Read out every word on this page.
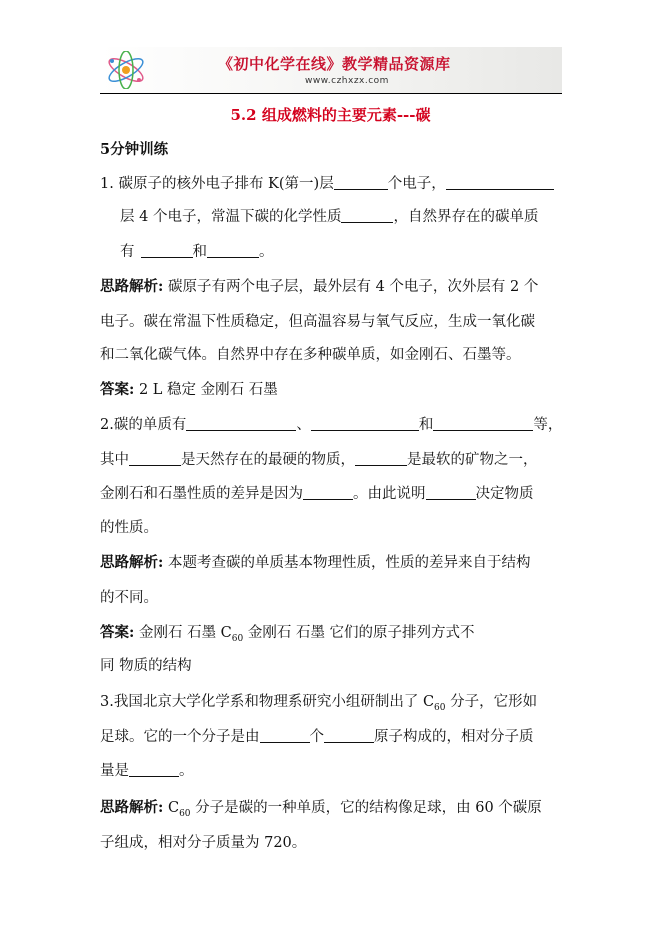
《初中化学在线》教学精品资源库
www.czhxzx.com
5.2 组成燃料的主要元素---碳
5分钟训练
1. 碳原子的核外电子排布 K(第一)层	个电子，
层 4 个电子，常温下碳的化学性质	，自然界存在的碳单质
有	和	。
思路解析: 碳原子有两个电子层，最外层有 4 个电子，次外层有 2 个
电子。碳在常温下性质稳定，但高温容易与氧气反应，生成一氧化碳
和二氧化碳气体。自然界中存在多种碳单质，如金刚石、石墨等。
答案: 2 L 稳定 金刚石 石墨
2.碳的单质有	、	和	等，
其中	是天然存在的最硬的物质，	是最软的矿物之一，
金刚石和石墨性质的差异是因为	。由此说明	决定物质
的性质。
思路解析: 本题考查碳的单质基本物理性质，性质的差异来自于结构
的不同。
答案: 金刚石 石墨 $C_{60}$ 金刚石 石墨 它们的原子排列方式不
同 物质的结构
3.我国北京大学化学系和物理系研究小组研制出了 $C_{60}$ 分子，它形如
足球。它的一个分子是由	个	原子构成的，相对分子质
量是	。
思路解析: $C_{60}$ 分子是碳的一种单质，它的结构像足球，由 60 个碳原
子组成，相对分子质量为 720。
